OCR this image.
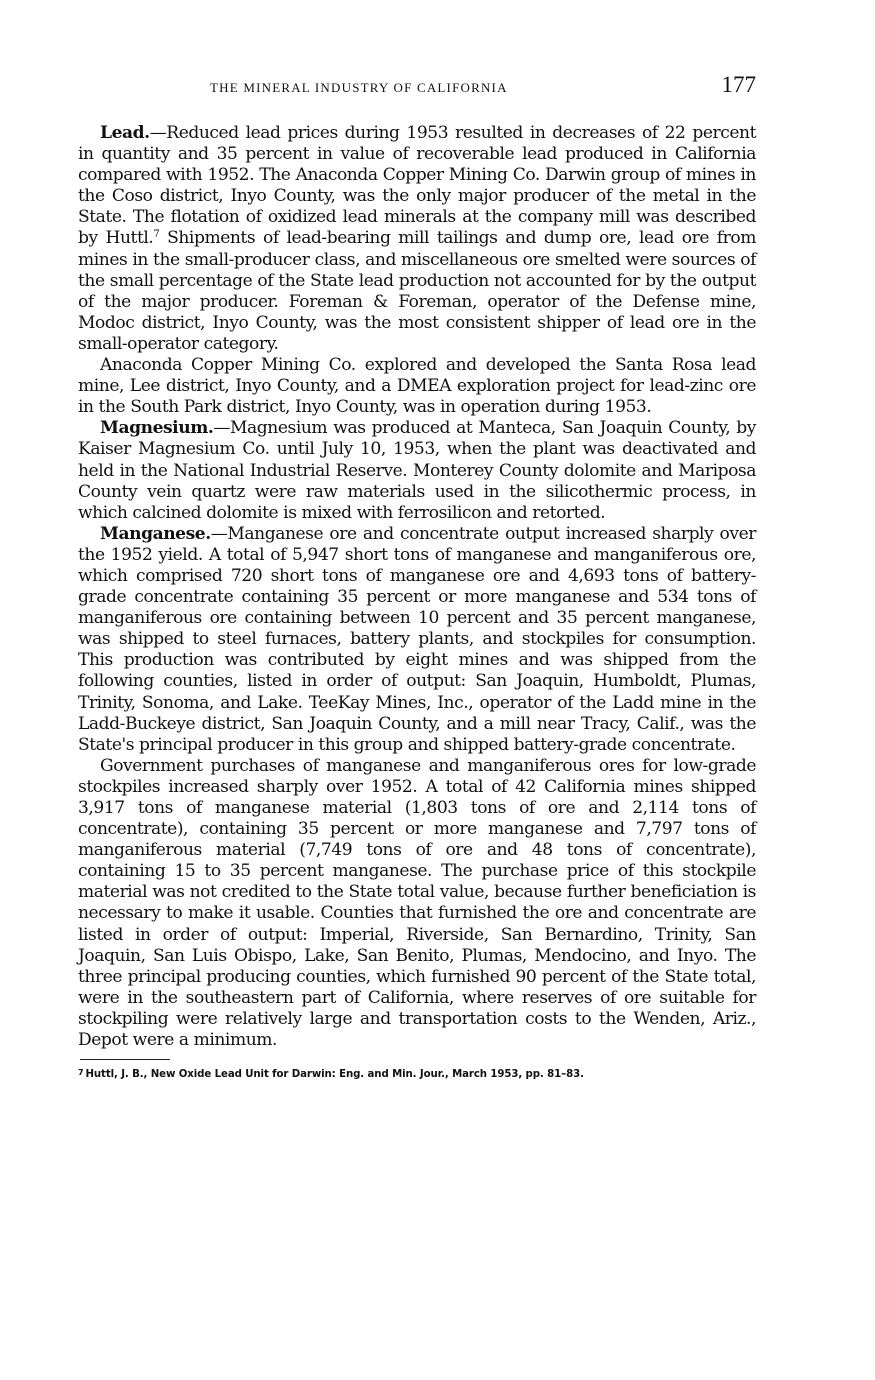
THE MINERAL INDUSTRY OF CALIFORNIA	177

Lead.—Reduced lead prices during 1953 resulted in decreases of 22 percent in quantity and 35 percent in value of recoverable lead produced in California compared with 1952. The Anaconda Copper Mining Co. Darwin group of mines in the Coso district, Inyo County, was the only major producer of the metal in the State. The flotation of oxidized lead minerals at the company mill was described by Huttl.$^7$ Shipments of lead-bearing mill tailings and dump ore, lead ore from mines in the small-producer class, and miscellaneous ore smelted were sources of the small percentage of the State lead production not accounted for by the output of the major producer. Foreman & Foreman, operator of the Defense mine, Modoc district, Inyo County, was the most consistent shipper of lead ore in the small-operator category.

Anaconda Copper Mining Co. explored and developed the Santa Rosa lead mine, Lee district, Inyo County, and a DMEA exploration project for lead-zinc ore in the South Park district, Inyo County, was in operation during 1953.

Magnesium.—Magnesium was produced at Manteca, San Joaquin County, by Kaiser Magnesium Co. until July 10, 1953, when the plant was deactivated and held in the National Industrial Reserve. Monterey County dolomite and Mariposa County vein quartz were raw materials used in the silicothermic process, in which calcined dolomite is mixed with ferrosilicon and retorted.

Manganese.—Manganese ore and concentrate output increased sharply over the 1952 yield. A total of 5,947 short tons of manganese and manganiferous ore, which comprised 720 short tons of manganese ore and 4,693 tons of battery-grade concentrate containing 35 percent or more manganese and 534 tons of manganiferous ore containing between 10 percent and 35 percent manganese, was shipped to steel furnaces, battery plants, and stockpiles for consumption. This production was contributed by eight mines and was shipped from the following counties, listed in order of output: San Joaquin, Humboldt, Plumas, Trinity, Sonoma, and Lake. TeeKay Mines, Inc., operator of the Ladd mine in the Ladd-Buckeye district, San Joaquin County, and a mill near Tracy, Calif., was the State's principal producer in this group and shipped battery-grade concentrate.

Government purchases of manganese and manganiferous ores for low-grade stockpiles increased sharply over 1952. A total of 42 California mines shipped 3,917 tons of manganese material (1,803 tons of ore and 2,114 tons of concentrate), containing 35 percent or more manganese and 7,797 tons of manganiferous material (7,749 tons of ore and 48 tons of concentrate), containing 15 to 35 percent manganese. The purchase price of this stockpile material was not credited to the State total value, because further beneficiation is necessary to make it usable. Counties that furnished the ore and concentrate are listed in order of output: Imperial, Riverside, San Bernardino, Trinity, San Joaquin, San Luis Obispo, Lake, San Benito, Plumas, Mendocino, and Inyo. The three principal producing counties, which furnished 90 percent of the State total, were in the southeastern part of California, where reserves of ore suitable for stockpiling were relatively large and transportation costs to the Wenden, Ariz., Depot were a minimum.

7 Huttl, J. B., New Oxide Lead Unit for Darwin: Eng. and Min. Jour., March 1953, pp. 81–83.
